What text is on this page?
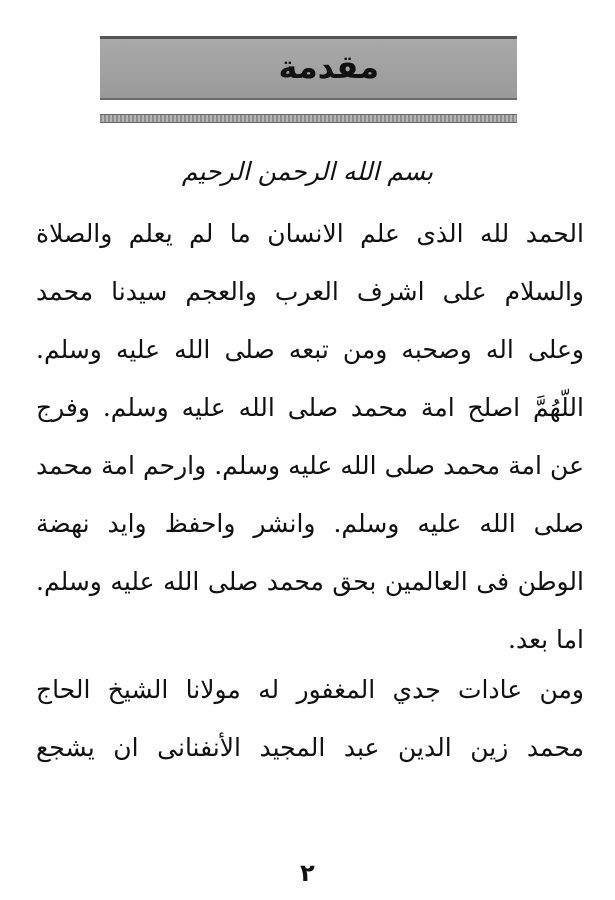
مقدمة
بسم الله الرحمن الرحيم
الحمد لله الذى علم الانسان ما لم يعلم والصلاة
والسلام على اشرف العرب والعجم سيدنا محمد
وعلى اله وصحبه ومن تبعه صلى الله عليه وسلم.
اللّهُمَّ اصلح امة محمد صلى الله عليه وسلم. وفرج
عن امة محمد صلى الله عليه وسلم. وارحم امة محمد
صلى الله عليه وسلم. وانشر واحفظ وايد نهضة
الوطن فى العالمين بحق محمد صلى الله عليه وسلم.
اما بعد.
ومن عادات جدي المغفور له مولانا الشيخ الحاج
محمد زين الدين عبد المجيد الأنفنانى ان يشجع
٢
